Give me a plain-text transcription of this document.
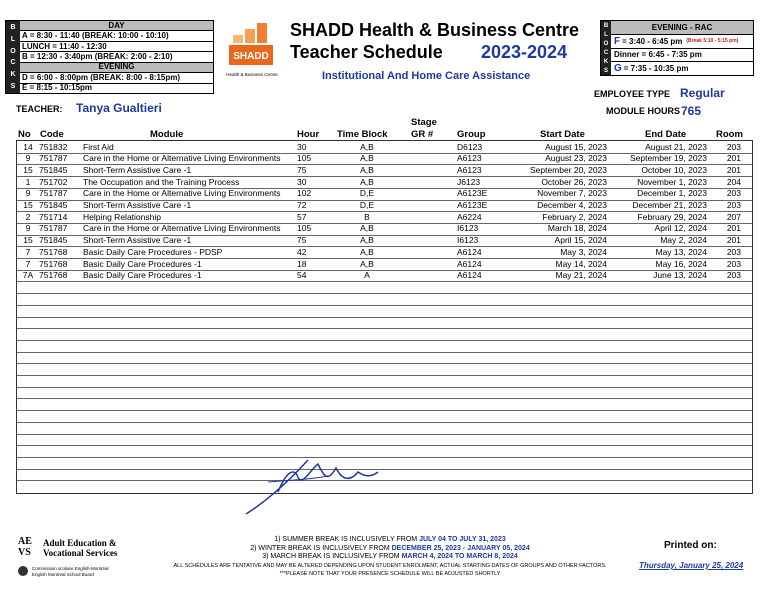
B
L
O
C
K
S
DAY
A = 8:30 - 11:40 (BREAK: 10:00 - 10:10)
LUNCH = 11:40 - 12:30
B = 12:30 - 3:40pm (BREAK: 2:00 - 2:10)
EVENING
D = 6:00 - 8:00pm (BREAK: 8:00 - 8:15pm)
E = 8:15 - 10:15pm
SHADD
Health & Business Centre
SHADD Health & Business Centre
Teacher Schedule 2023-2024
Institutional And Home Care Assistance
B
L
O
C
K
S
EVENING - RAC
F = 3:40 - 6:45 pm (Break 5:10 - 5:15 pm)
Dinner = 6:45 - 7:35 pm
G = 7:35 - 10:35 pm
EMPLOYEE TYPE Regular
MODULE HOURS 765
TEACHER: Tanya Gualtieri
No Code	Module	Hour Time Block
Stage
GR #	Group	Start Date	End Date	Room
14 751832	First Aid	30	A,B	D6123	August 15, 2023	August 21, 2023	203
9	751787	Care in the Home or Alternative Living Environments	105	A,B	A6123	August 23, 2023	September 19, 2023	201
15 751845	Short-Term Assistive Care -1	75	A,B	A6123	September 20, 2023	October 10, 2023	201
1	751702	The Occupation and the Training Process	30	A,B	J6123	October 26, 2023	November 1, 2023	204
9	751787	Care in the Home or Alternative Living Environments	102	D,E	A6123E	November 7, 2023	December 1, 2023	203
15 751845	Short-Term Assistive Care -1	72	D,E	A6123E	December 4, 2023	December 21, 2023	203
2	751714	Helping Relationship	57	B	A6224	February 2, 2024	February 29, 2024	207
9	751787	Care in the Home or Alternative Living Environments	105	A,B	I6123	March 18, 2024	April 12, 2024	201
15 751845	Short-Term Assistive Care -1	75	A,B	I6123	April 15, 2024	May 2, 2024	201
7	751768	Basic Daily Care Procedures - PDSP	42	A,B	A6124	May 3, 2024	May 13, 2024	203
7	751768	Basic Daily Care Procedures -1	18	A,B	A6124	May 14, 2024	May 16, 2024	203
7A 751768	Basic Daily Care Procedures -1	54	A	A6124	May 21, 2024	June 13, 2024	203
AE VS
Adult Education &
Vocational Services
Commission scolaire English-Montréal
English Montreal School Board
1) SUMMER BREAK IS INCLUSIVELY FROM JULY 04 TO JULY 31, 2023
2) WINTER BREAK IS INCLUSIVELY FROM DECEMBER 25, 2023 - JANUARY 05, 2024
3) MARCH BREAK IS INCLUSIVELY FROM MARCH 4, 2024 TO MARCH 8, 2024
ALL SCHEDULES ARE TENTATIVE AND MAY BE ALTERED DEPENDING UPON STUDENT ENROLMENT, ACTUAL STARTING DATES OF GROUPS AND OTHER FACTORS.
***PLEASE NOTE THAT YOUR PRESENCE SCHEDULE WILL BE ADJUSTED SHORTLY
Printed on:
Thursday, January 25, 2024
